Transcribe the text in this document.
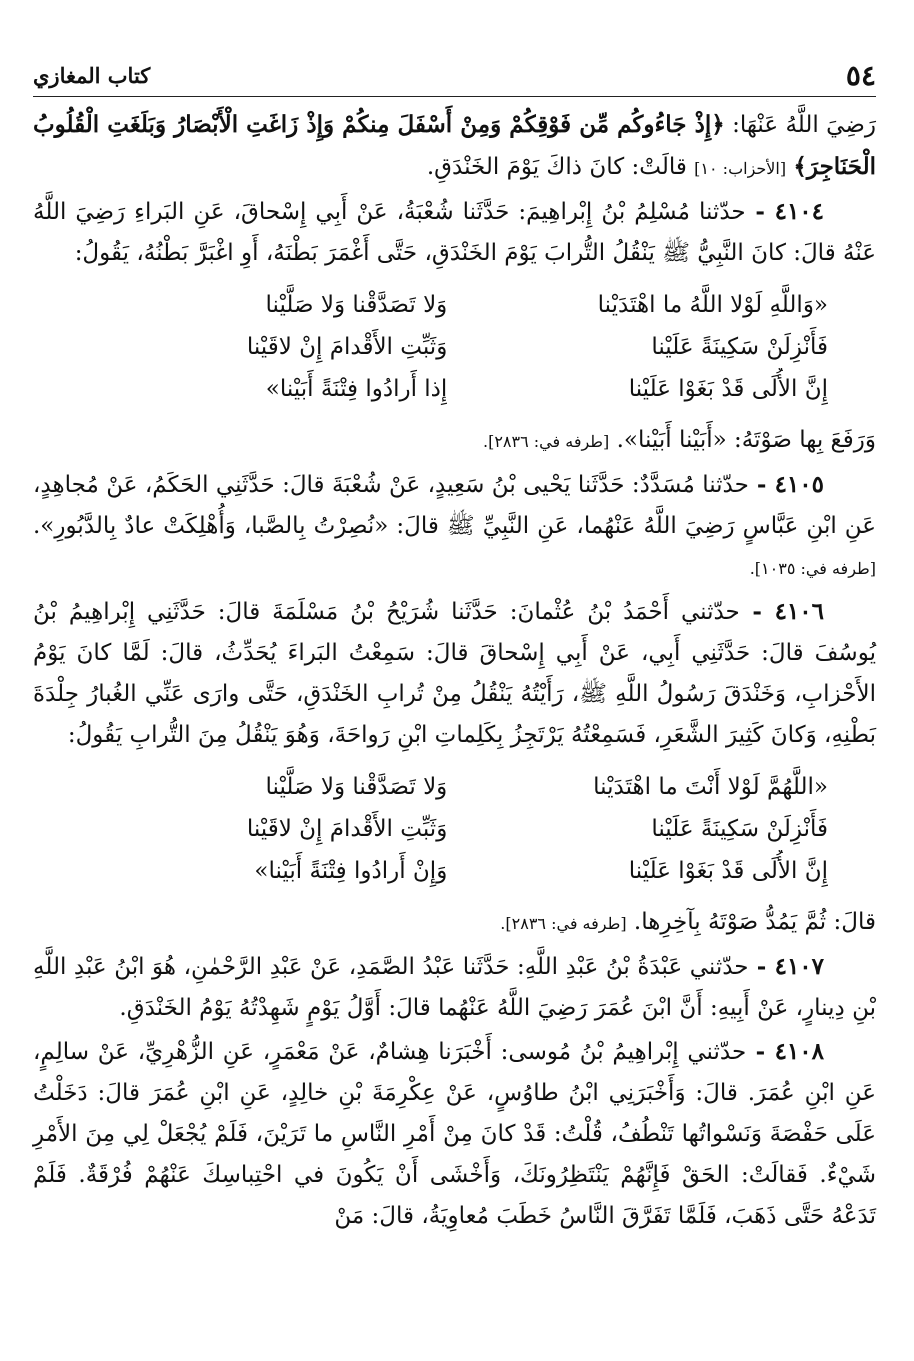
٥٤
كتاب المغازي

رَضِيَ اللَّهُ عَنْهَا: ﴿إِذْ جَاءُوكُم مِّن فَوْقِكُمْ وَمِنْ أَسْفَلَ مِنكُمْ وَإِذْ زَاغَتِ الْأَبْصَارُ وَبَلَغَتِ الْقُلُوبُ الْحَنَاجِرَ﴾ [الأحزاب: ١٠] قالَتْ: كانَ ذاكَ يَوْمَ الخَنْدَقِ.

٤١٠٤ - حدّثنا مُسْلِمُ بْنُ إِبْراهِيمَ: حَدَّثَنا شُعْبَةُ، عَنْ أَبِي إِسْحاقَ، عَنِ البَراءِ رَضِيَ اللَّهُ عَنْهُ قالَ: كانَ النَّبِيُّ ﷺ يَنْقُلُ التُّرابَ يَوْمَ الخَنْدَقِ، حَتَّى أَغْمَرَ بَطْنَهُ، أَوِ اغْبَرَّ بَطْنُهُ، يَقُولُ:

«وَاللَّهِ لَوْلا اللَّهُ ما اهْتَدَيْنا
وَلا تَصَدَّقْنا وَلا صَلَّيْنا
فَأَنْزِلَنْ سَكِينَةً عَلَيْنا
وَثَبِّتِ الأَقْدامَ إِنْ لاقَيْنا
إِنَّ الأُلَى قَدْ بَغَوْا عَلَيْنا
إِذا أَرادُوا فِتْنَةً أَبَيْنا»

وَرَفَعَ بِها صَوْتَهُ: «أَبَيْنا أَبَيْنا». [طرفه في: ٢٨٣٦].

٤١٠٥ - حدّثنا مُسَدَّدٌ: حَدَّثَنا يَحْيى بْنُ سَعِيدٍ، عَنْ شُعْبَةَ قالَ: حَدَّثَنِي الحَكَمُ، عَنْ مُجاهِدٍ، عَنِ ابْنِ عَبَّاسٍ رَضِيَ اللَّهُ عَنْهُما، عَنِ النَّبِيِّ ﷺ قالَ: «نُصِرْتُ بِالصَّبا، وَأُهْلِكَتْ عادٌ بِالدَّبُورِ». [طرفه في: ١٠٣٥].

٤١٠٦ - حدّثني أَحْمَدُ بْنُ عُثْمانَ: حَدَّثَنا شُرَيْحُ بْنُ مَسْلَمَةَ قالَ: حَدَّثَنِي إِبْراهِيمُ بْنُ يُوسُفَ قالَ: حَدَّثَنِي أَبِي، عَنْ أَبِي إِسْحاقَ قالَ: سَمِعْتُ البَراءَ يُحَدِّثُ، قالَ: لَمَّا كانَ يَوْمُ الأَحْزابِ، وَخَنْدَقَ رَسُولُ اللَّهِ ﷺ، رَأَيْتُهُ يَنْقُلُ مِنْ تُرابِ الخَنْدَقِ، حَتَّى وارَى عَنِّي الغُبارُ جِلْدَةَ بَطْنِهِ، وَكانَ كَثِيرَ الشَّعَرِ، فَسَمِعْتُهُ يَرْتَجِزُ بِكَلِماتِ ابْنِ رَواحَةَ، وَهُوَ يَنْقُلُ مِنَ التُّرابِ يَقُولُ:

«اللَّهُمَّ لَوْلا أَنْتَ ما اهْتَدَيْنا
وَلا تَصَدَّقْنا وَلا صَلَّيْنا
فَأَنْزِلَنْ سَكِينَةً عَلَيْنا
وَثَبِّتِ الأَقْدامَ إِنْ لاقَيْنا
إِنَّ الأُلَى قَدْ بَغَوْا عَلَيْنا
وَإِنْ أَرادُوا فِتْنَةً أَبَيْنا»

قالَ: ثُمَّ يَمُدُّ صَوْتَهُ بِآخِرِها. [طرفه في: ٢٨٣٦].

٤١٠٧ - حدّثني عَبْدَةُ بْنُ عَبْدِ اللَّهِ: حَدَّثَنا عَبْدُ الصَّمَدِ، عَنْ عَبْدِ الرَّحْمٰنِ، هُوَ ابْنُ عَبْدِ اللَّهِ بْنِ دِينارٍ، عَنْ أَبِيهِ: أَنَّ ابْنَ عُمَرَ رَضِيَ اللَّهُ عَنْهُما قالَ: أَوَّلُ يَوْمٍ شَهِدْتُهُ يَوْمُ الخَنْدَقِ.

٤١٠٨ - حدّثني إِبْراهِيمُ بْنُ مُوسى: أَخْبَرَنا هِشامٌ، عَنْ مَعْمَرٍ، عَنِ الزُّهْرِيِّ، عَنْ سالِمٍ، عَنِ ابْنِ عُمَرَ. قالَ: وَأَخْبَرَنِي ابْنُ طاوُسٍ، عَنْ عِكْرِمَةَ بْنِ خالِدٍ، عَنِ ابْنِ عُمَرَ قالَ: دَخَلْتُ عَلَى حَفْصَةَ وَنَسْواتُها تَنْطُفُ، قُلْتُ: قَدْ كانَ مِنْ أَمْرِ النَّاسِ ما تَرَيْنَ، فَلَمْ يُجْعَلْ لِي مِنَ الأَمْرِ شَيْءٌ. فَقالَتْ: الحَقْ فَإِنَّهُمْ يَنْتَظِرُونَكَ، وَأَخْشَى أَنْ يَكُونَ في احْتِباسِكَ عَنْهُمْ فُرْقَةٌ. فَلَمْ تَدَعْهُ حَتَّى ذَهَبَ، فَلَمَّا تَفَرَّقَ النَّاسُ خَطَبَ مُعاوِيَةُ، قالَ: مَنْ
